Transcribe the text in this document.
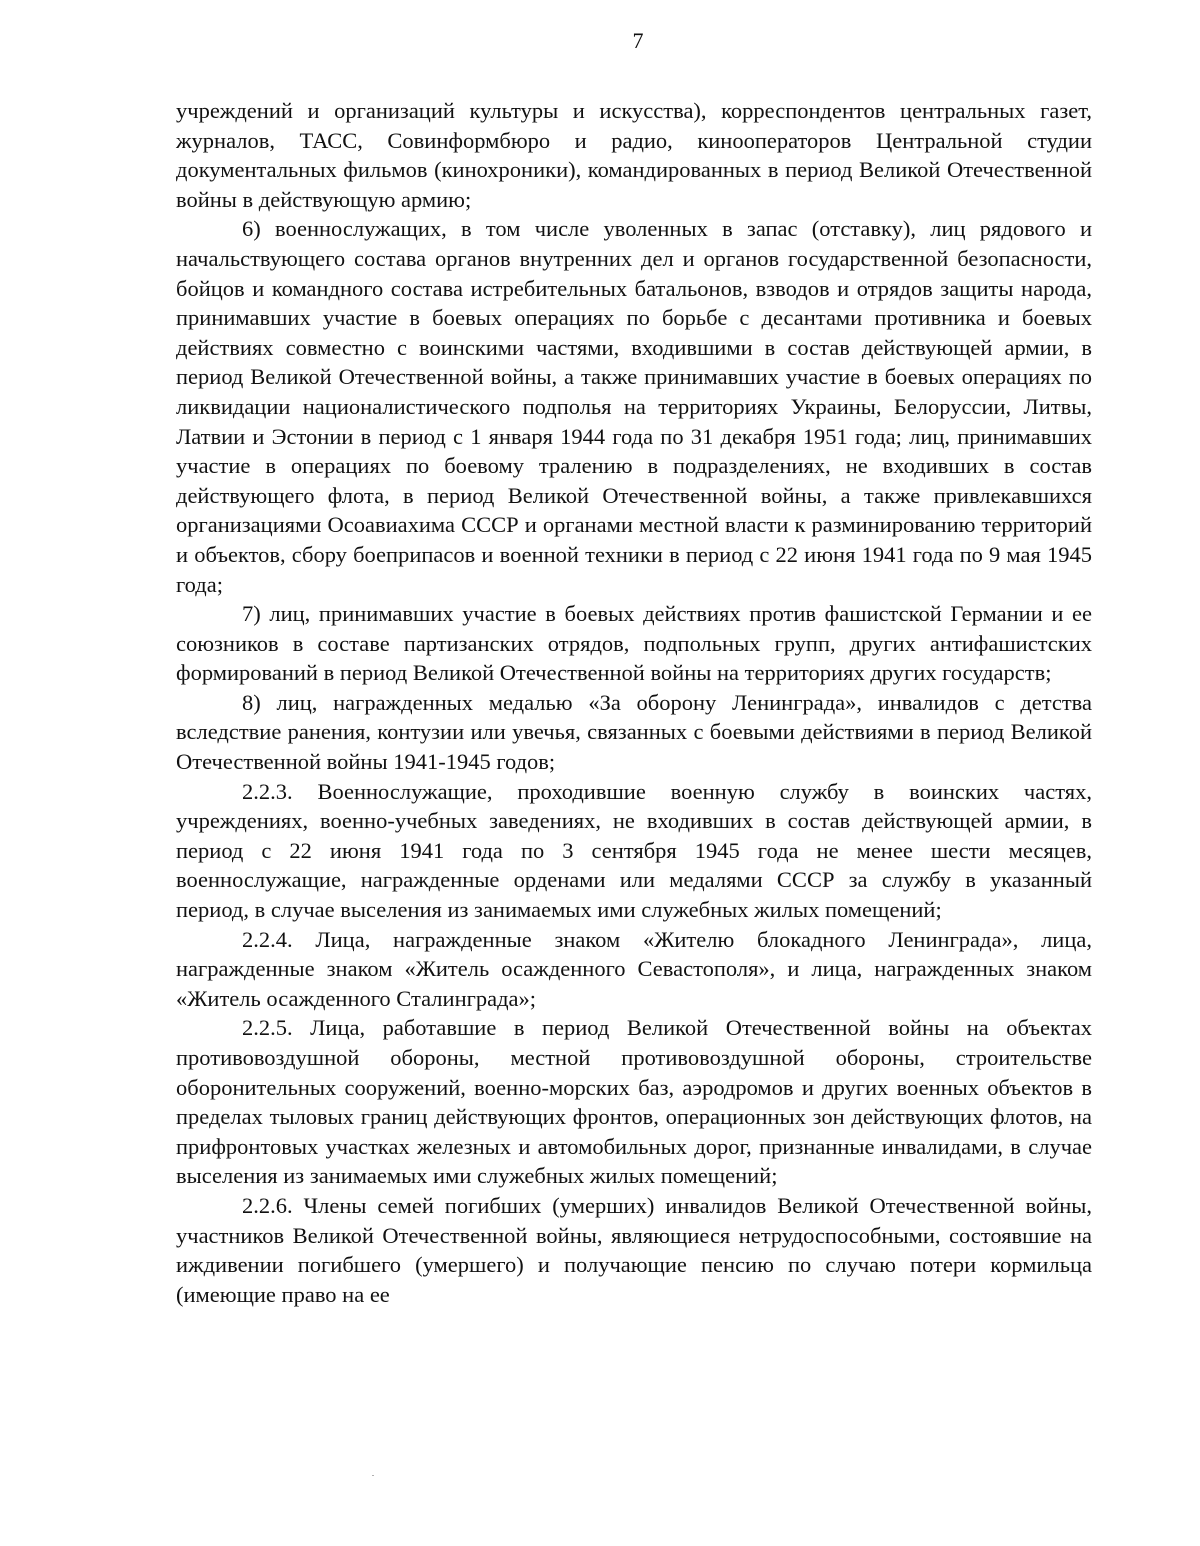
7

учреждений и организаций культуры и искусства), корреспондентов центральных газет, журналов, ТАСС, Совинформбюро и радио, кинооператоров Центральной студии документальных фильмов (кинохроники), командированных в период Великой Отечественной войны в действующую армию;

6) военнослужащих, в том числе уволенных в запас (отставку), лиц рядового и начальствующего состава органов внутренних дел и органов государственной безопасности, бойцов и командного состава истребительных батальонов, взводов и отрядов защиты народа, принимавших участие в боевых операциях по борьбе с десантами противника и боевых действиях совместно с воинскими частями, входившими в состав действующей армии, в период Великой Отечественной войны, а также принимавших участие в боевых операциях по ликвидации националистического подполья на территориях Украины, Белоруссии, Литвы, Латвии и Эстонии в период с 1 января 1944 года по 31 декабря 1951 года; лиц, принимавших участие в операциях по боевому тралению в подразделениях, не входивших в состав действующего флота, в период Великой Отечественной войны, а также привлекавшихся организациями Осоавиахима СССР и органами местной власти к разминированию территорий и объектов, сбору боеприпасов и военной техники в период с 22 июня 1941 года по 9 мая 1945 года;

7) лиц, принимавших участие в боевых действиях против фашистской Германии и ее союзников в составе партизанских отрядов, подпольных групп, других антифашистских формирований в период Великой Отечественной войны на территориях других государств;

8) лиц, награжденных медалью «За оборону Ленинграда», инвалидов с детства вследствие ранения, контузии или увечья, связанных с боевыми действиями в период Великой Отечественной войны 1941-1945 годов;

2.2.3. Военнослужащие, проходившие военную службу в воинских частях, учреждениях, военно-учебных заведениях, не входивших в состав действующей армии, в период с 22 июня 1941 года по 3 сентября 1945 года не менее шести месяцев, военнослужащие, награжденные орденами или медалями СССР за службу в указанный период, в случае выселения из занимаемых ими служебных жилых помещений;

2.2.4. Лица, награжденные знаком «Жителю блокадного Ленинграда», лица, награжденные знаком «Житель осажденного Севастополя», и лица, награжденных знаком «Житель осажденного Сталинграда»;

2.2.5. Лица, работавшие в период Великой Отечественной войны на объектах противовоздушной обороны, местной противовоздушной обороны, строительстве оборонительных сооружений, военно-морских баз, аэродромов и других военных объектов в пределах тыловых границ действующих фронтов, операционных зон действующих флотов, на прифронтовых участках железных и автомобильных дорог, признанные инвалидами, в случае выселения из занимаемых ими служебных жилых помещений;

2.2.6. Члены семей погибших (умерших) инвалидов Великой Отечественной войны, участников Великой Отечественной войны, являющиеся нетрудоспособными, состоявшие на иждивении погибшего (умершего) и получающие пенсию по случаю потери кормильца (имеющие право на ее
